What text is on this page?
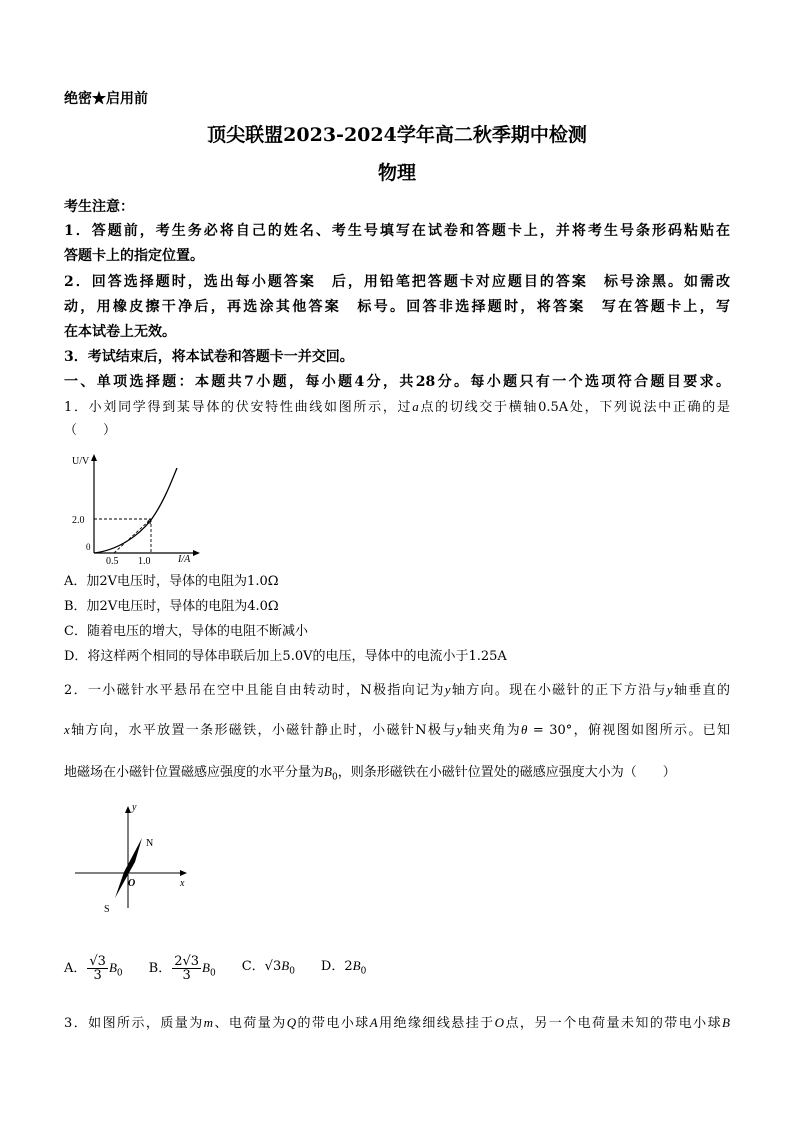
绝密★启用前
顶尖联盟2023-2024学年高二秋季期中检测
物理
考生注意：
1．答题前，考生务必将自己的姓名、考生号填写在试卷和答题卡上，并将考生号条形码粘贴在
答题卡上的指定位置。
2．回答选择题时，选出每小题答案　后，用铅笔把答题卡对应题目的答案　标号涂黑。如需改
动，用橡皮擦干净后，再选涂其他答案　标号。回答非选择题时，将答案　写在答题卡上，写
在本试卷上无效。
3．考试结束后，将本试卷和答题卡一并交回。
一、单项选择题：本题共7小题，每小题4分，共28分。每小题只有一个选项符合题目要求。
1．小刘同学得到某导体的伏安特性曲线如图所示，过a点的切线交于横轴0.5A处，下列说法中正确的是
（　　）
U/V
2.0
0
0.5 1.0	I/A
a
A．加2V电压时，导体的电阻为1.0Ω
B．加2V电压时，导体的电阻为4.0Ω
C．随着电压的增大，导体的电阻不断减小
D．将这样两个相同的导体串联后加上5.0V的电压，导体中的电流小于1.25A
2．一小磁针水平悬吊在空中且能自由转动时，N极指向记为y轴方向。现在小磁针的正下方沿与y轴垂直的
x轴方向，水平放置一条形磁铁，小磁针静止时，小磁针N极与y轴夹角为θ = 30°，俯视图如图所示。已知
地磁场在小磁针位置磁感应强度的水平分量为$B_0$，则条形磁铁在小磁针位置处的磁感应强度大小为（　　）
y
x
O
N
S
A． $\frac{√3}{3} B_0$ B． $\frac{2√3}{3} B_0$ C．$√3B_0$ D．$2B_0$
3．如图所示，质量为m、电荷量为Q的带电小球A用绝缘细线悬挂于O点，另一个电荷量未知的带电小球B
